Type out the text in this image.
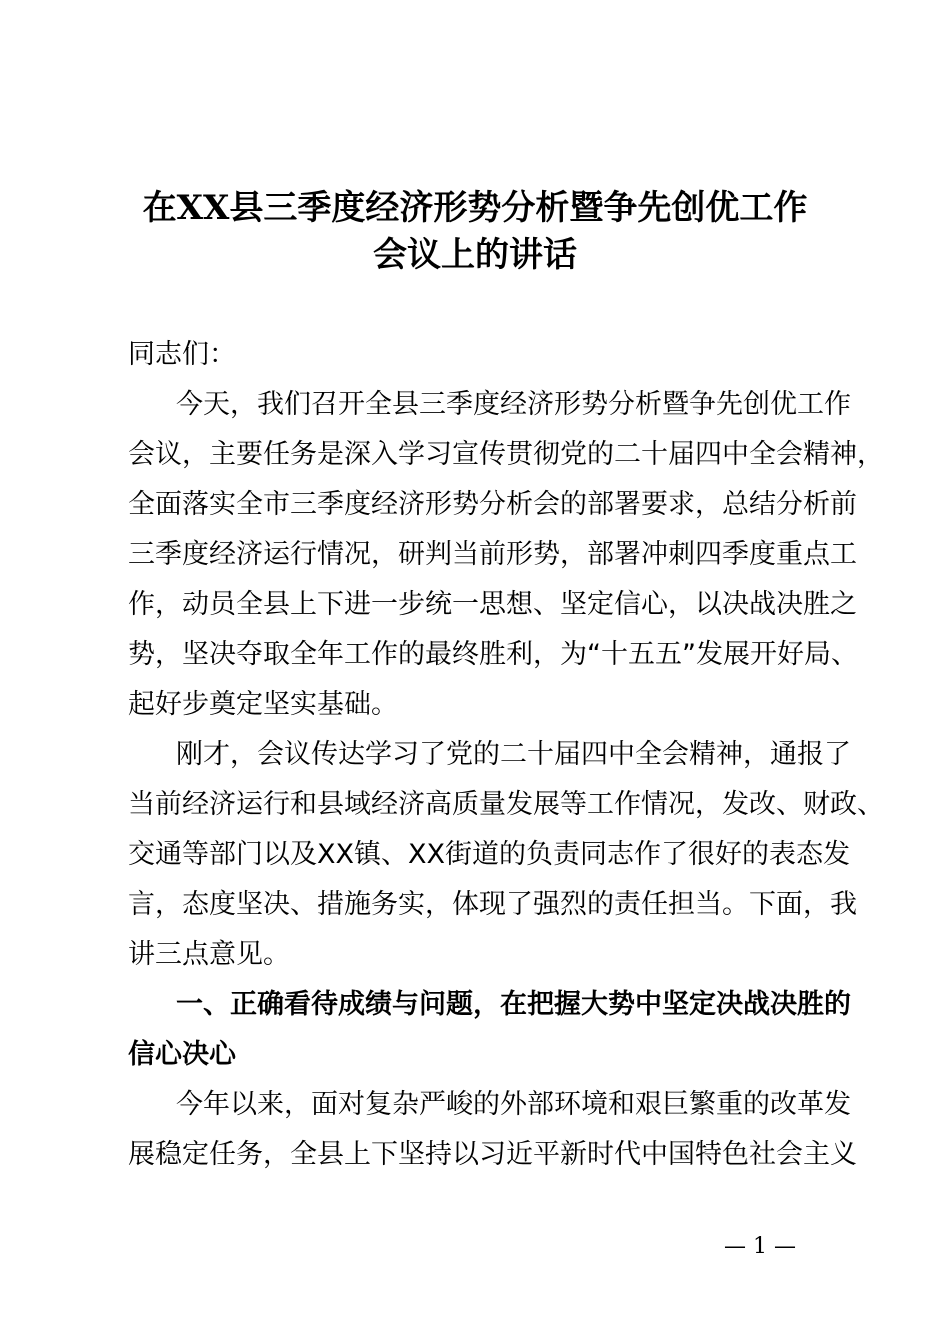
在XX县三季度经济形势分析暨争先创优工作
会议上的讲话
同志们：
今天，我们召开全县三季度经济形势分析暨争先创优工作
会议，主要任务是深入学习宣传贯彻党的二十届四中全会精神，
全面落实全市三季度经济形势分析会的部署要求，总结分析前
三季度经济运行情况，研判当前形势，部署冲刺四季度重点工
作，动员全县上下进一步统一思想、坚定信心，以决战决胜之
势，坚决夺取全年工作的最终胜利，为“十五五”发展开好局、
起好步奠定坚实基础。
刚才，会议传达学习了党的二十届四中全会精神，通报了
当前经济运行和县域经济高质量发展等工作情况，发改、财政、
交通等部门以及XX镇、XX街道的负责同志作了很好的表态发
言，态度坚决、措施务实，体现了强烈的责任担当。下面，我
讲三点意见。
一、正确看待成绩与问题，在把握大势中坚定决战决胜的
信心决心
今年以来，面对复杂严峻的外部环境和艰巨繁重的改革发
展稳定任务，全县上下坚持以习近平新时代中国特色社会主义
— 1 —
